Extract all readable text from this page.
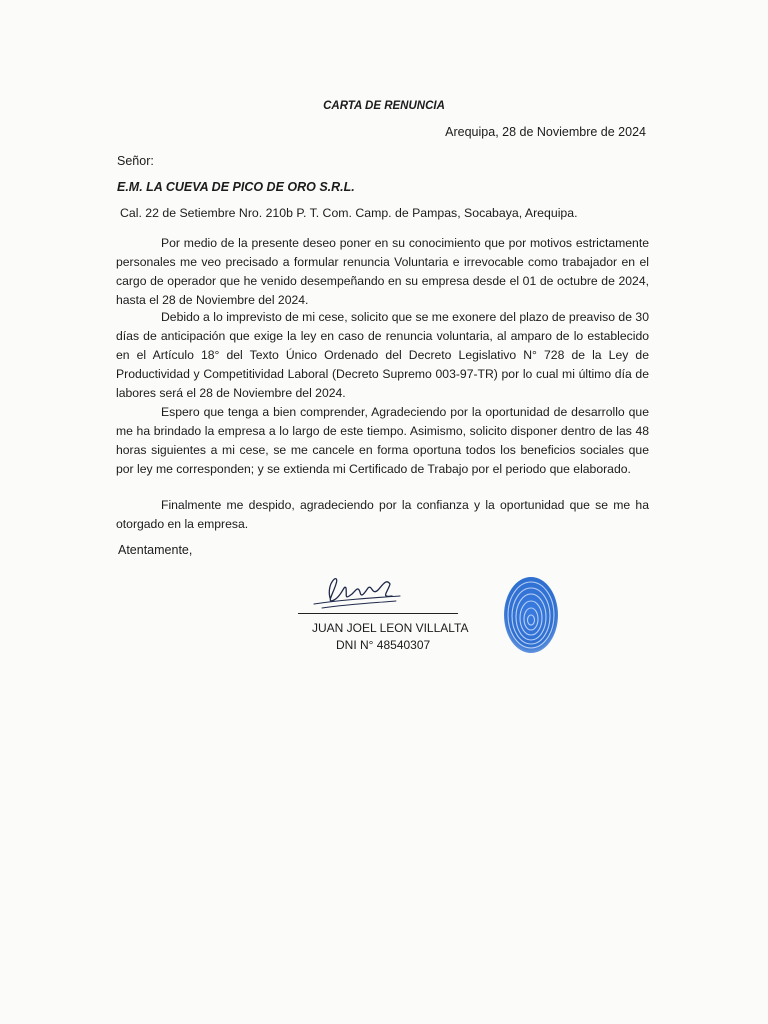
CARTA DE RENUNCIA
Arequipa, 28 de Noviembre de 2024
Señor:
E.M. LA CUEVA DE PICO DE ORO S.R.L.
Cal. 22 de Setiembre Nro. 210b P. T. Com. Camp. de Pampas, Socabaya, Arequipa.

Por medio de la presente deseo poner en su conocimiento que por motivos estrictamente personales me veo precisado a formular renuncia Voluntaria e irrevocable como trabajador en el cargo de operador que he venido desempeñando en su empresa desde el 01 de octubre de 2024, hasta el 28 de Noviembre del 2024.

Debido a lo imprevisto de mi cese, solicito que se me exonere del plazo de preaviso de 30 días de anticipación que exige la ley en caso de renuncia voluntaria, al amparo de lo establecido en el Artículo 18° del Texto Único Ordenado del Decreto Legislativo N° 728 de la Ley de Productividad y Competitividad Laboral (Decreto Supremo 003-97-TR) por lo cual mi último día de labores será el 28 de Noviembre del 2024.

Espero que tenga a bien comprender, Agradeciendo por la oportunidad de desarrollo que me ha brindado la empresa a lo largo de este tiempo. Asimismo, solicito disponer dentro de las 48 horas siguientes a mi cese, se me cancele en forma oportuna todos los beneficios sociales que por ley me corresponden; y se extienda mi Certificado de Trabajo por el periodo que elaborado.

Finalmente me despido, agradeciendo por la confianza y la oportunidad que se me ha otorgado en la empresa.

Atentamente,
JUAN JOEL LEON VILLALTA
DNI N° 48540307
